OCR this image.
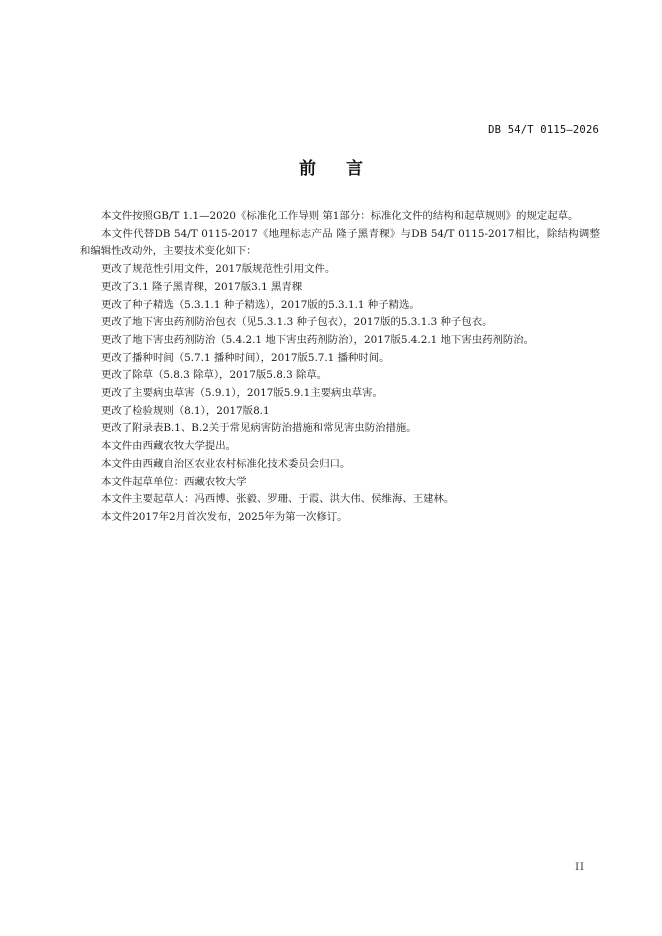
DB 54/T 0115—2026
前言

本文件按照GB/T 1.1—2020《标准化工作导则 第1部分：标准化文件的结构和起草规则》的规定起草。

本文件代替DB 54/T 0115-2017《地理标志产品 隆子黑青稞》与DB 54/T 0115-2017相比，除结构调整和编辑性改动外，主要技术变化如下：

更改了规范性引用文件，2017版规范性引用文件。

更改了3.1 隆子黑青稞，2017版3.1 黑青稞

更改了种子精选（5.3.1.1 种子精选），2017版的5.3.1.1 种子精选。

更改了地下害虫药剂防治包衣（见5.3.1.3 种子包衣），2017版的5.3.1.3 种子包衣。

更改了地下害虫药剂防治（5.4.2.1 地下害虫药剂防治），2017版5.4.2.1 地下害虫药剂防治。

更改了播种时间（5.7.1 播种时间），2017版5.7.1 播种时间。

更改了除草（5.8.3 除草），2017版5.8.3 除草。

更改了主要病虫草害（5.9.1），2017版5.9.1主要病虫草害。

更改了检验规则（8.1），2017版8.1

更改了附录表B.1、B.2关于常见病害防治措施和常见害虫防治措施。

本文件由西藏农牧大学提出。

本文件由西藏自治区农业农村标准化技术委员会归口。

本文件起草单位：西藏农牧大学

本文件主要起草人：冯西博、张毅、罗珊、于霞、洪大伟、侯维海、王建林。

本文件2017年2月首次发布，2025年为第一次修订。

II
